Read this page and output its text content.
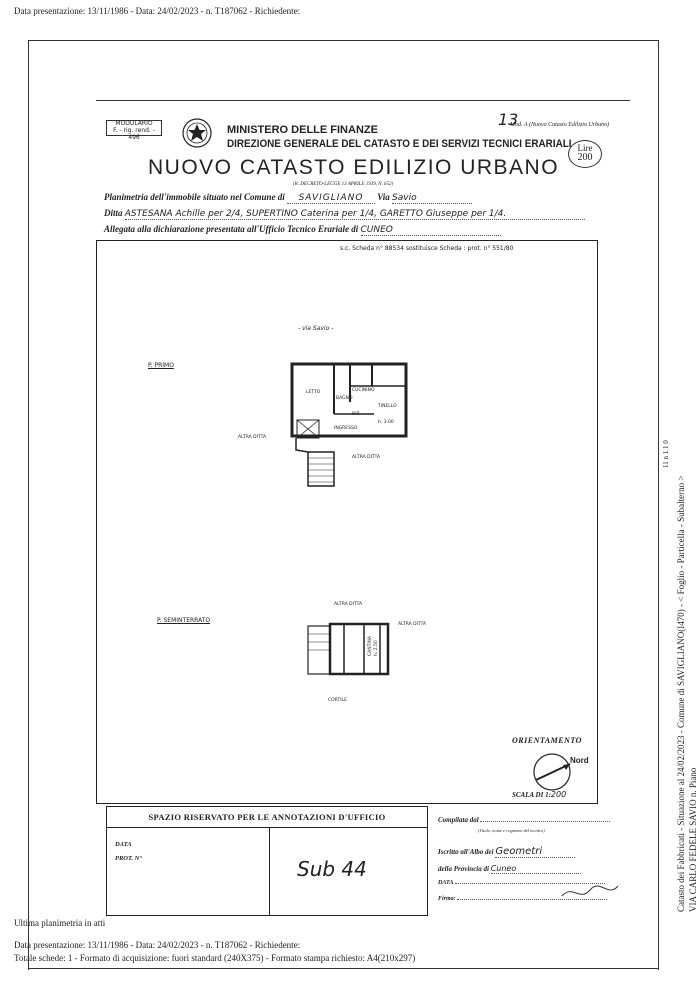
Data presentazione: 13/11/1986 - Data: 24/02/2023 - n. T187062 - Richiedente:
MODULARIO
F. - rig. rend. - 496
MINISTERO DELLE FINANZE
DIREZIONE GENERALE DEL CATASTO E DEI SERVIZI TECNICI ERARIALI
NUOVO CATASTO EDILIZIO URBANO
(R. DECRETO-LEGGE 13 APRILE 1939, N. 652)
Mod. A (Nuovo Catasto Edilizio Urbano)
13
Lire
200
Planimetria dell'immobile situato nel Comune di SAVIGLIANO Via Savio
Ditta ASTESANA Achille per 2/4, SUPERTINO Caterina per 1/4, GARETTO Giuseppe per 1/4.
Allegata alla dichiarazione presentata all'Ufficio Tecnico Erariale di CUNEO
s.c. Scheda n° 88534 sostituisce Scheda : prot. n° 551/80
- via Savio -
P. PRIMO
P. SEMINTERRATO
LETTO
BAGNO
CUCININO
TINELLO
h. 3.00
RIP.
INGRESSO
ALTRA DITTA
ALTRA DITTA
CANTINA h. 2.50
ALTRA DITTA
ALTRA DITTA
CORTILE
ORIENTAMENTO
Nord
SCALA DI 1:200
SPAZIO RISERVATO PER LE ANNOTAZIONI D'UFFICIO
DATA
PROT. N°	Sub 44
Compilata dal
(Titolo, nome e cognome del tecnico)
Iscritto all'Albo dei Geometri
della Provincia di Cuneo
DATA
Firma:
Ultima planimetria in atti
Data presentazione: 13/11/1986 - Data: 24/02/2023 - n. T187062 - Richiedente:
Totale schede: 1 - Formato di acquisizione: fuori standard (240X375) - Formato stampa richiesto: A4(210x297)
Catasto dei Fabbricati - Situazione al 24/02/2023 - Comune di SAVIGLIANO(I470) - < Foglio - Particella - Subalterno > VIA CARLO FEDELE SAVIO n. Piano
11 n 1 1 0
